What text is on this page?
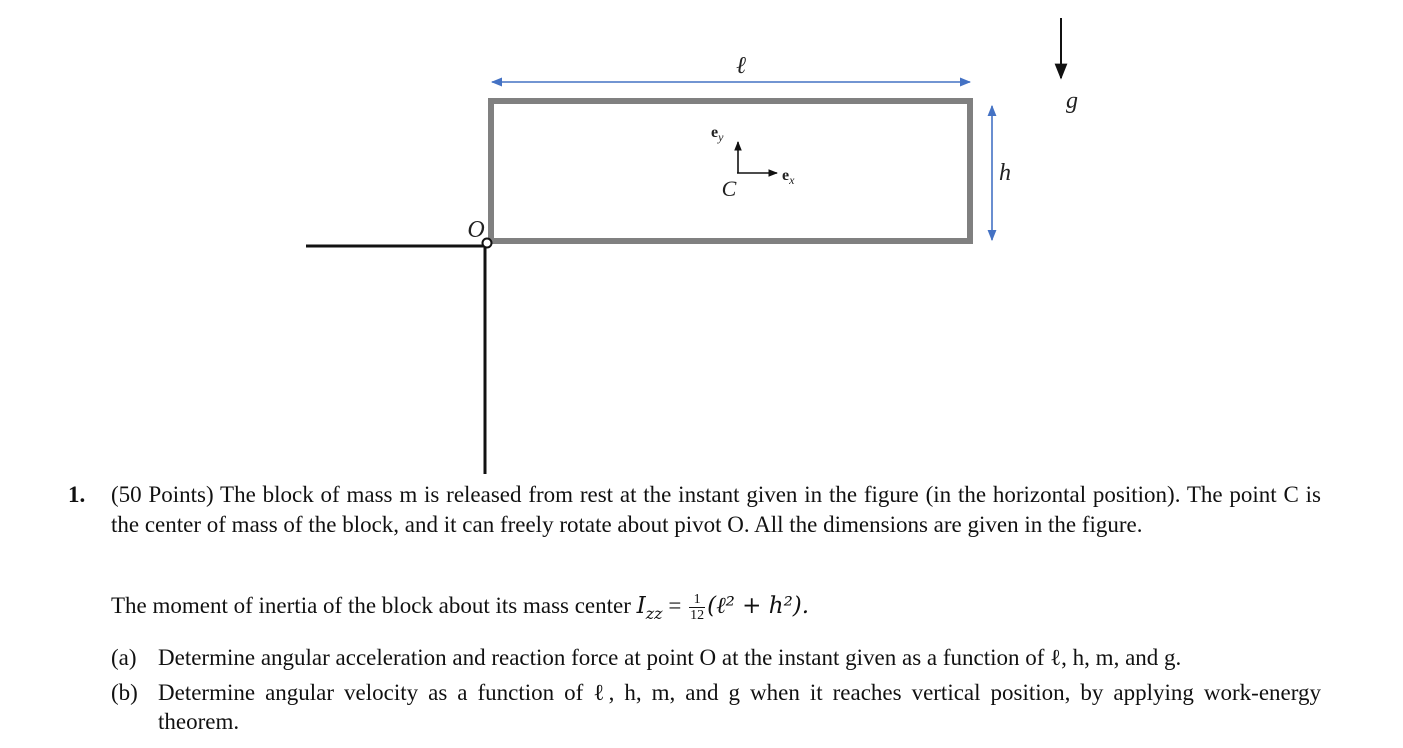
ℓ
h
g
$e_y$
$e_x$
C
O
1. (50 Points) The block of mass m is released from rest at the instant given in the figure (in the horizontal position). The point C is the center of mass of the block, and it can freely rotate about pivot O. All the dimensions are given in the figure.
The moment of inertia of the block about its mass center $I_{zz} = \frac{1}{12}$ (ℓ² + h²).
(a) Determine angular acceleration and reaction force at point O at the instant given as a function of ℓ, h, m, and g.
(b) Determine angular velocity as a function of ℓ, h, m, and g when it reaches vertical position, by applying work-energy theorem.
